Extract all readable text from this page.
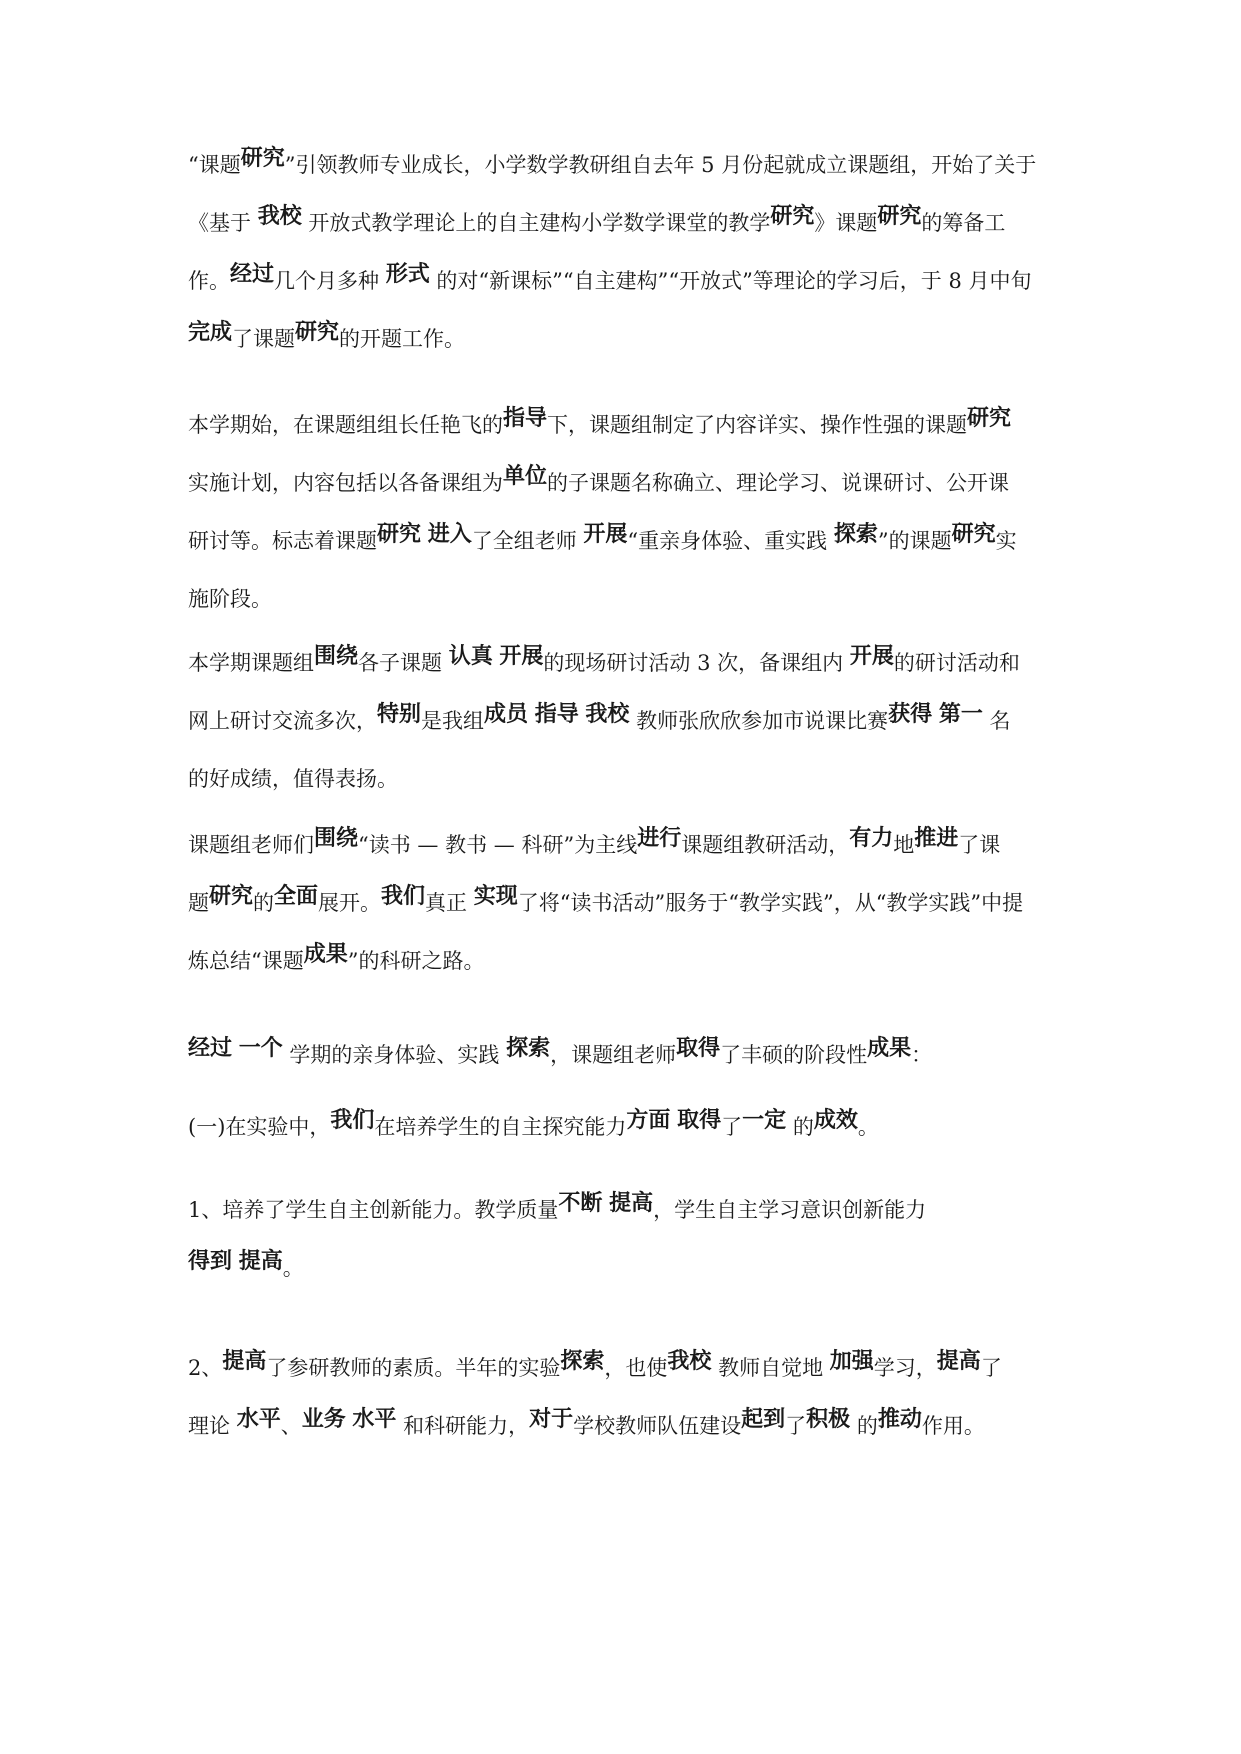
“课题研究”引领教师专业成长，小学数学教研组自去年 5 月份起就成立课题组，开始了关于
《基于 我校 开放式教学理论上的自主建构小学数学课堂的教学研究》课题研究的筹备工
作。经过几个月多种 形式 的对“新课标”“自主建构”“开放式”等理论的学习后，于 8 月中旬
完成了课题研究的开题工作。
本学期始，在课题组组长任艳飞的指导下，课题组制定了内容详实、操作性强的课题研究
实施计划，内容包括以各备课组为单位的子课题名称确立、理论学习、说课研讨、公开课
研讨等。标志着课题研究 进入了全组老师 开展“重亲身体验、重实践 探索”的课题研究实
施阶段。
本学期课题组围绕各子课题 认真 开展的现场研讨活动 3 次，备课组内 开展的研讨活动和
网上研讨交流多次，特别是我组成员 指导 我校 教师张欣欣参加市说课比赛获得 第一 名
的好成绩，值得表扬。
课题组老师们围绕“读书 — 教书 — 科研”为主线进行课题组教研活动，有力地推进了课
题研究的全面展开。我们真正 实现了将“读书活动”服务于“教学实践”，从“教学实践”中提
炼总结“课题成果”的科研之路。
经过 一个 学期的亲身体验、实践 探索，课题组老师取得了丰硕的阶段性成果：
(一)在实验中，我们在培养学生的自主探究能力方面 取得了一定 的成效。
1、培养了学生自主创新能力。教学质量不断 提高，学生自主学习意识创新能力
得到 提高。
2、提高了参研教师的素质。半年的实验探索，也使我校 教师自觉地 加强学习，提高了
理论 水平、业务 水平 和科研能力，对于学校教师队伍建设起到了积极 的推动作用。
